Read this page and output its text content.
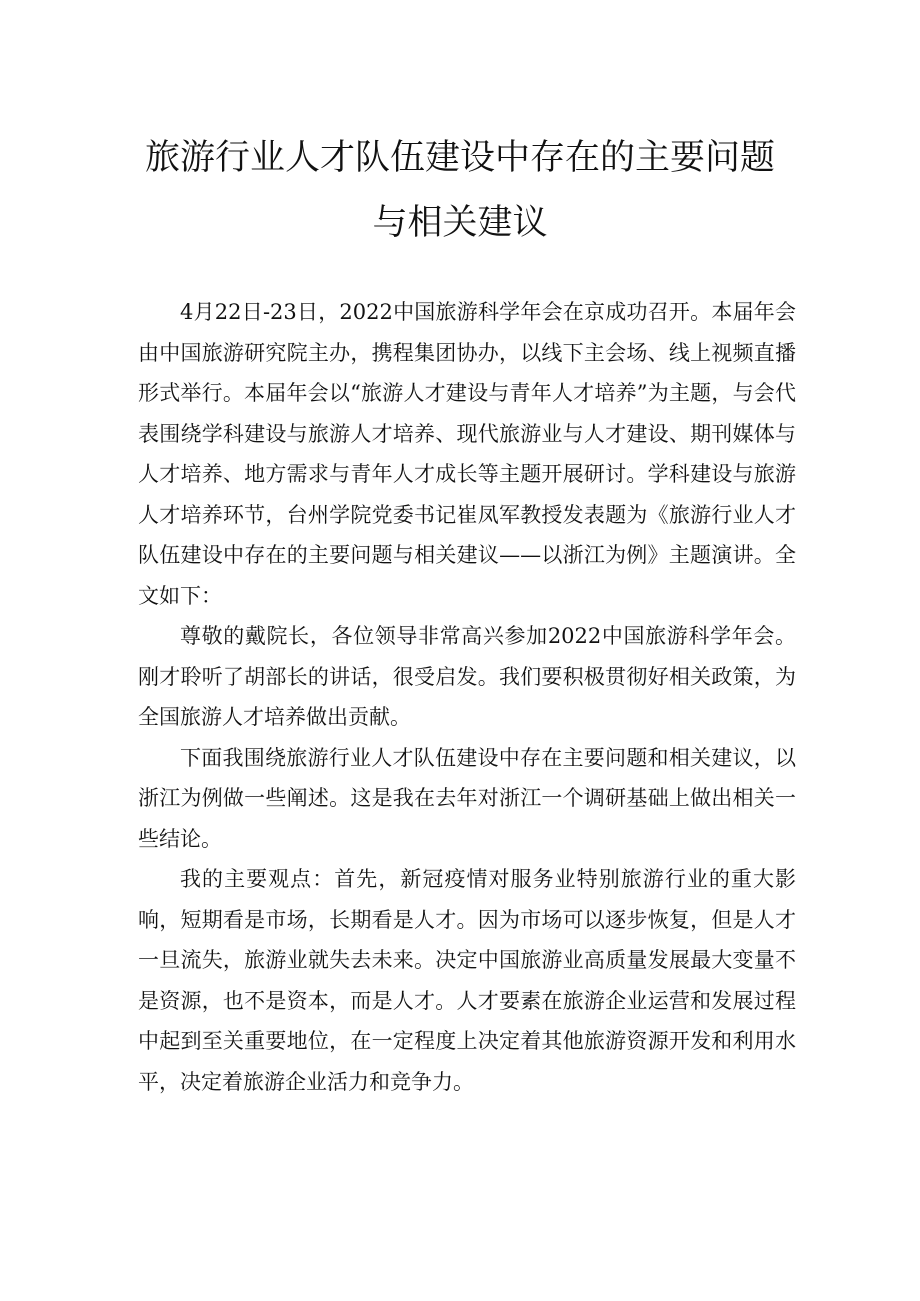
旅游行业人才队伍建设中存在的主要问题
与相关建议

4月22日-23日，2022中国旅游科学年会在京成功召开。本届年会由中国旅游研究院主办，携程集团协办，以线下主会场、线上视频直播形式举行。本届年会以“旅游人才建设与青年人才培养”为主题，与会代表围绕学科建设与旅游人才培养、现代旅游业与人才建设、期刊媒体与人才培养、地方需求与青年人才成长等主题开展研讨。学科建设与旅游人才培养环节，台州学院党委书记崔凤军教授发表题为《旅游行业人才队伍建设中存在的主要问题与相关建议——以浙江为例》主题演讲。全文如下：

尊敬的戴院长，各位领导非常高兴参加2022中国旅游科学年会。刚才聆听了胡部长的讲话，很受启发。我们要积极贯彻好相关政策，为全国旅游人才培养做出贡献。

下面我围绕旅游行业人才队伍建设中存在主要问题和相关建议，以浙江为例做一些阐述。这是我在去年对浙江一个调研基础上做出相关一些结论。

我的主要观点：首先，新冠疫情对服务业特别旅游行业的重大影响，短期看是市场，长期看是人才。因为市场可以逐步恢复，但是人才一旦流失，旅游业就失去未来。决定中国旅游业高质量发展最大变量不是资源，也不是资本，而是人才。人才要素在旅游企业运营和发展过程中起到至关重要地位，在一定程度上决定着其他旅游资源开发和利用水平，决定着旅游企业活力和竞争力。
